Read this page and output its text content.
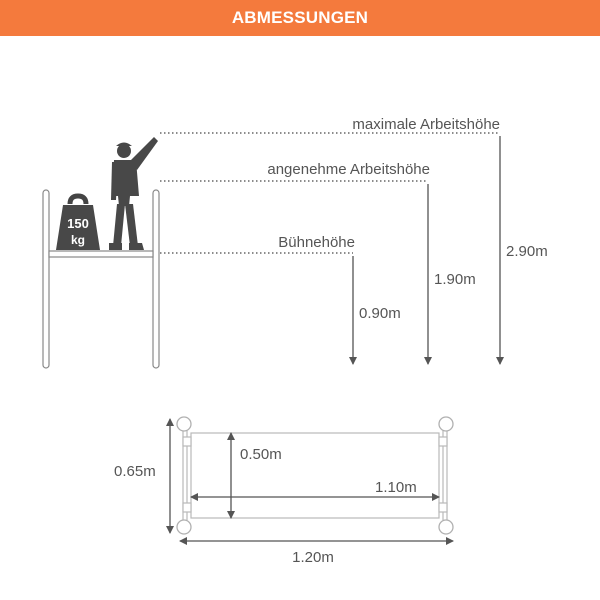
ABMESSUNGEN
150
kg
maximale Arbeitshöhe
angenehme Arbeitshöhe
Bühnehöhe
2.90m
1.90m
0.90m
0.65m
0.50m
1.10m
1.20m
